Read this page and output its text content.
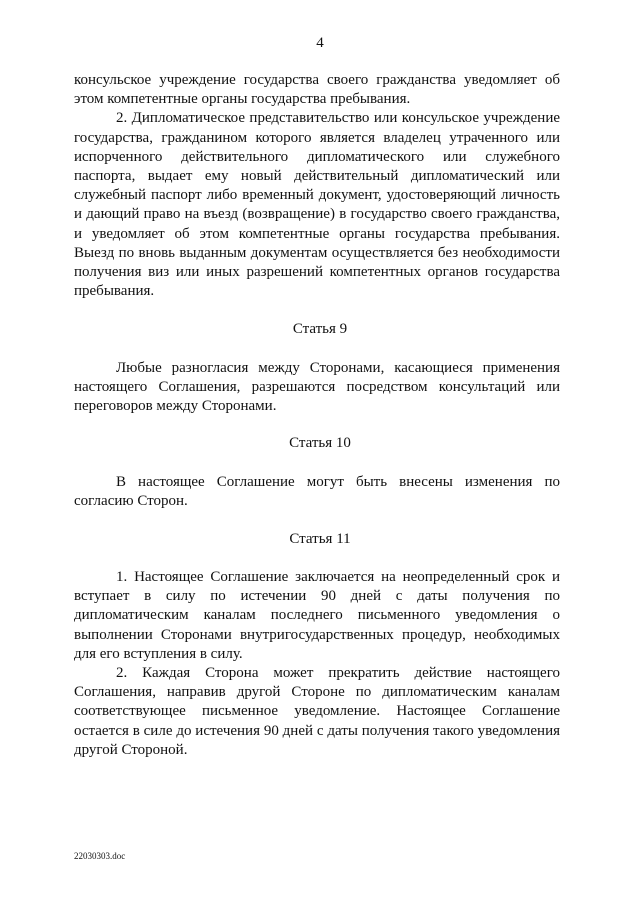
4

консульское учреждение государства своего гражданства уведомляет об этом компетентные органы государства пребывания.

2. Дипломатическое представительство или консульское учреждение государства, гражданином которого является владелец утраченного или испорченного действительного дипломатического или служебного паспорта, выдает ему новый действительный дипломатический или служебный паспорт либо временный документ, удостоверяющий личность и дающий право на въезд (возвращение) в государство своего гражданства, и уведомляет об этом компетентные органы государства пребывания. Выезд по вновь выданным документам осуществляется без необходимости получения виз или иных разрешений компетентных органов государства пребывания.

Статья 9

Любые разногласия между Сторонами, касающиеся применения настоящего Соглашения, разрешаются посредством консультаций или переговоров между Сторонами.

Статья 10

В настоящее Соглашение могут быть внесены изменения по согласию Сторон.

Статья 11

1. Настоящее Соглашение заключается на неопределенный срок и вступает в силу по истечении 90 дней с даты получения по дипломатическим каналам последнего письменного уведомления о выполнении Сторонами внутригосударственных процедур, необходимых для его вступления в силу.

2. Каждая Сторона может прекратить действие настоящего Соглашения, направив другой Стороне по дипломатическим каналам соответствующее письменное уведомление. Настоящее Соглашение остается в силе до истечения 90 дней с даты получения такого уведомления другой Стороной.

22030303.doc
